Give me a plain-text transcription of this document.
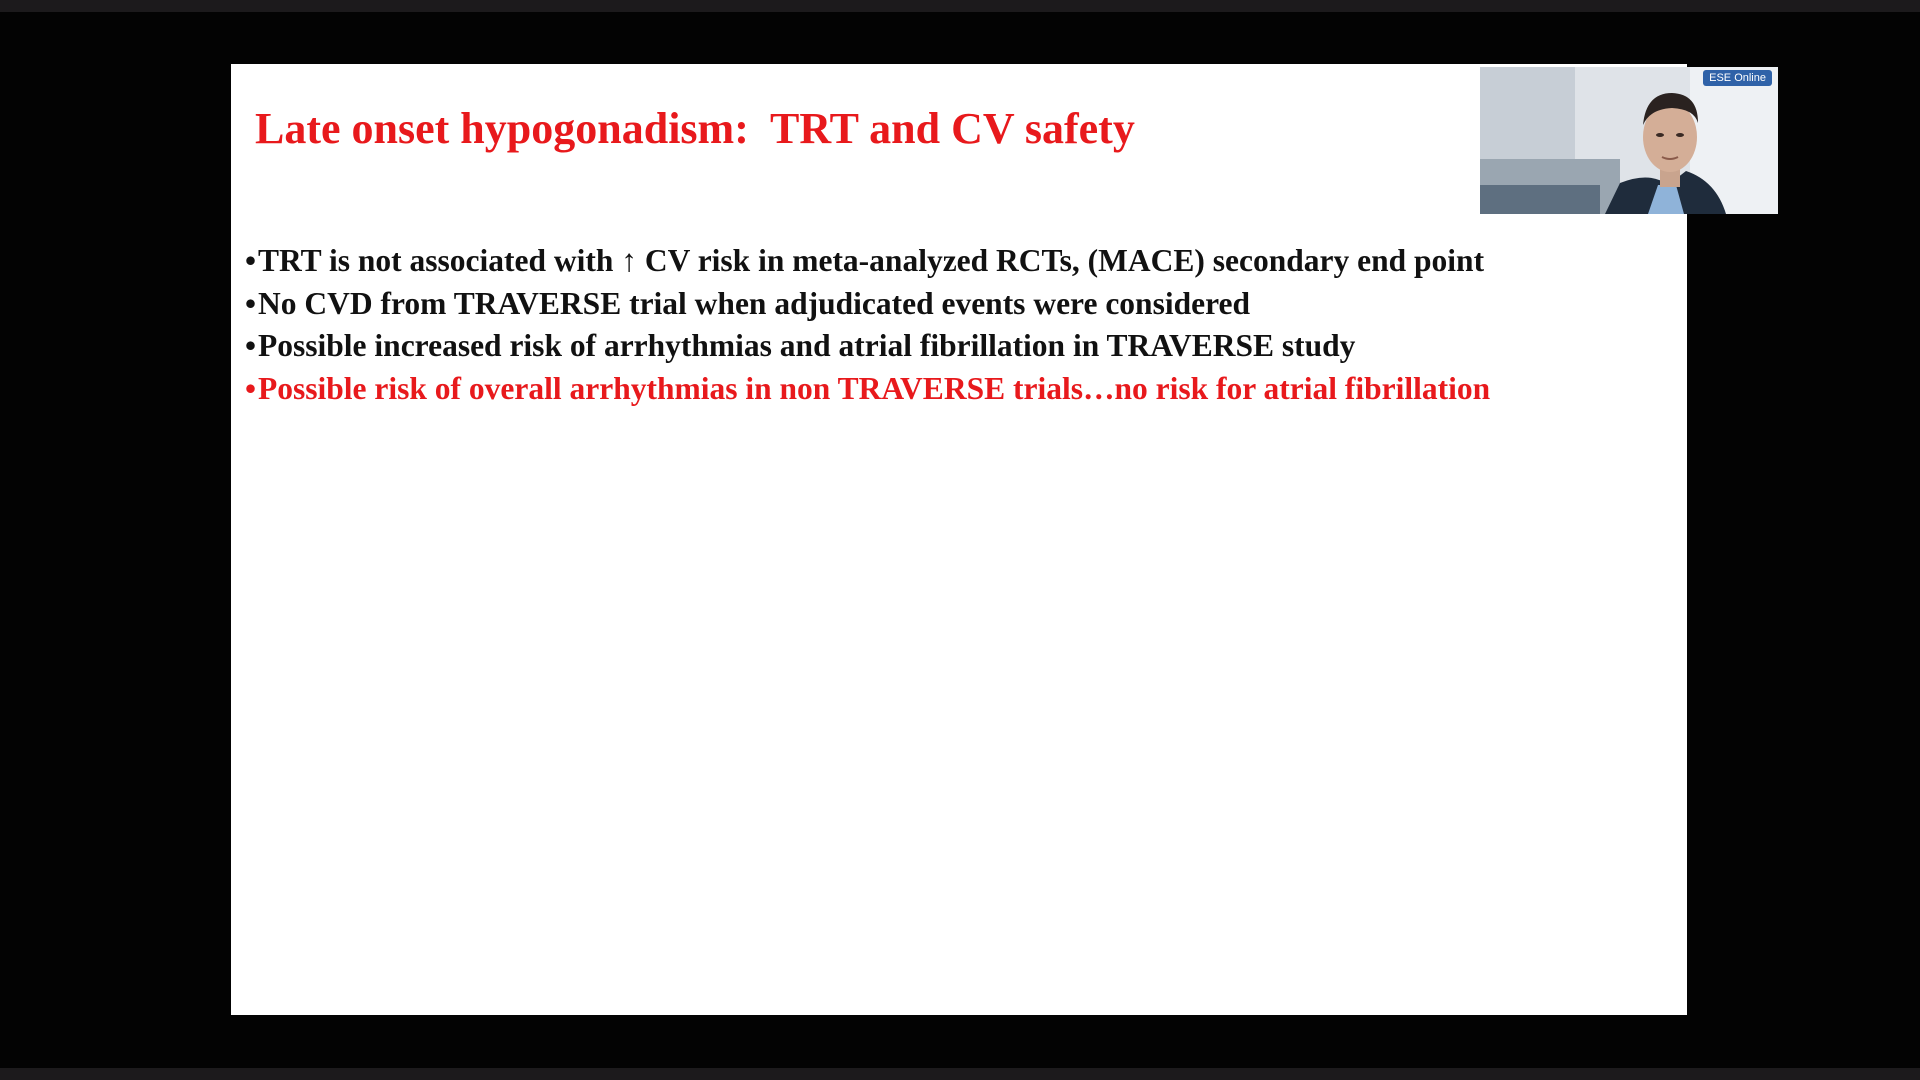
Late onset hypogonadism:  TRT and CV safety
•TRT is not associated with ↑ CV risk in meta-analyzed RCTs, (MACE) secondary end point
•No CVD from TRAVERSE trial when adjudicated events were considered
•Possible increased risk of arrhythmias and atrial fibrillation in TRAVERSE study
•Possible risk of overall arrhythmias in non TRAVERSE trials…no risk for atrial fibrillation
ESE Online
